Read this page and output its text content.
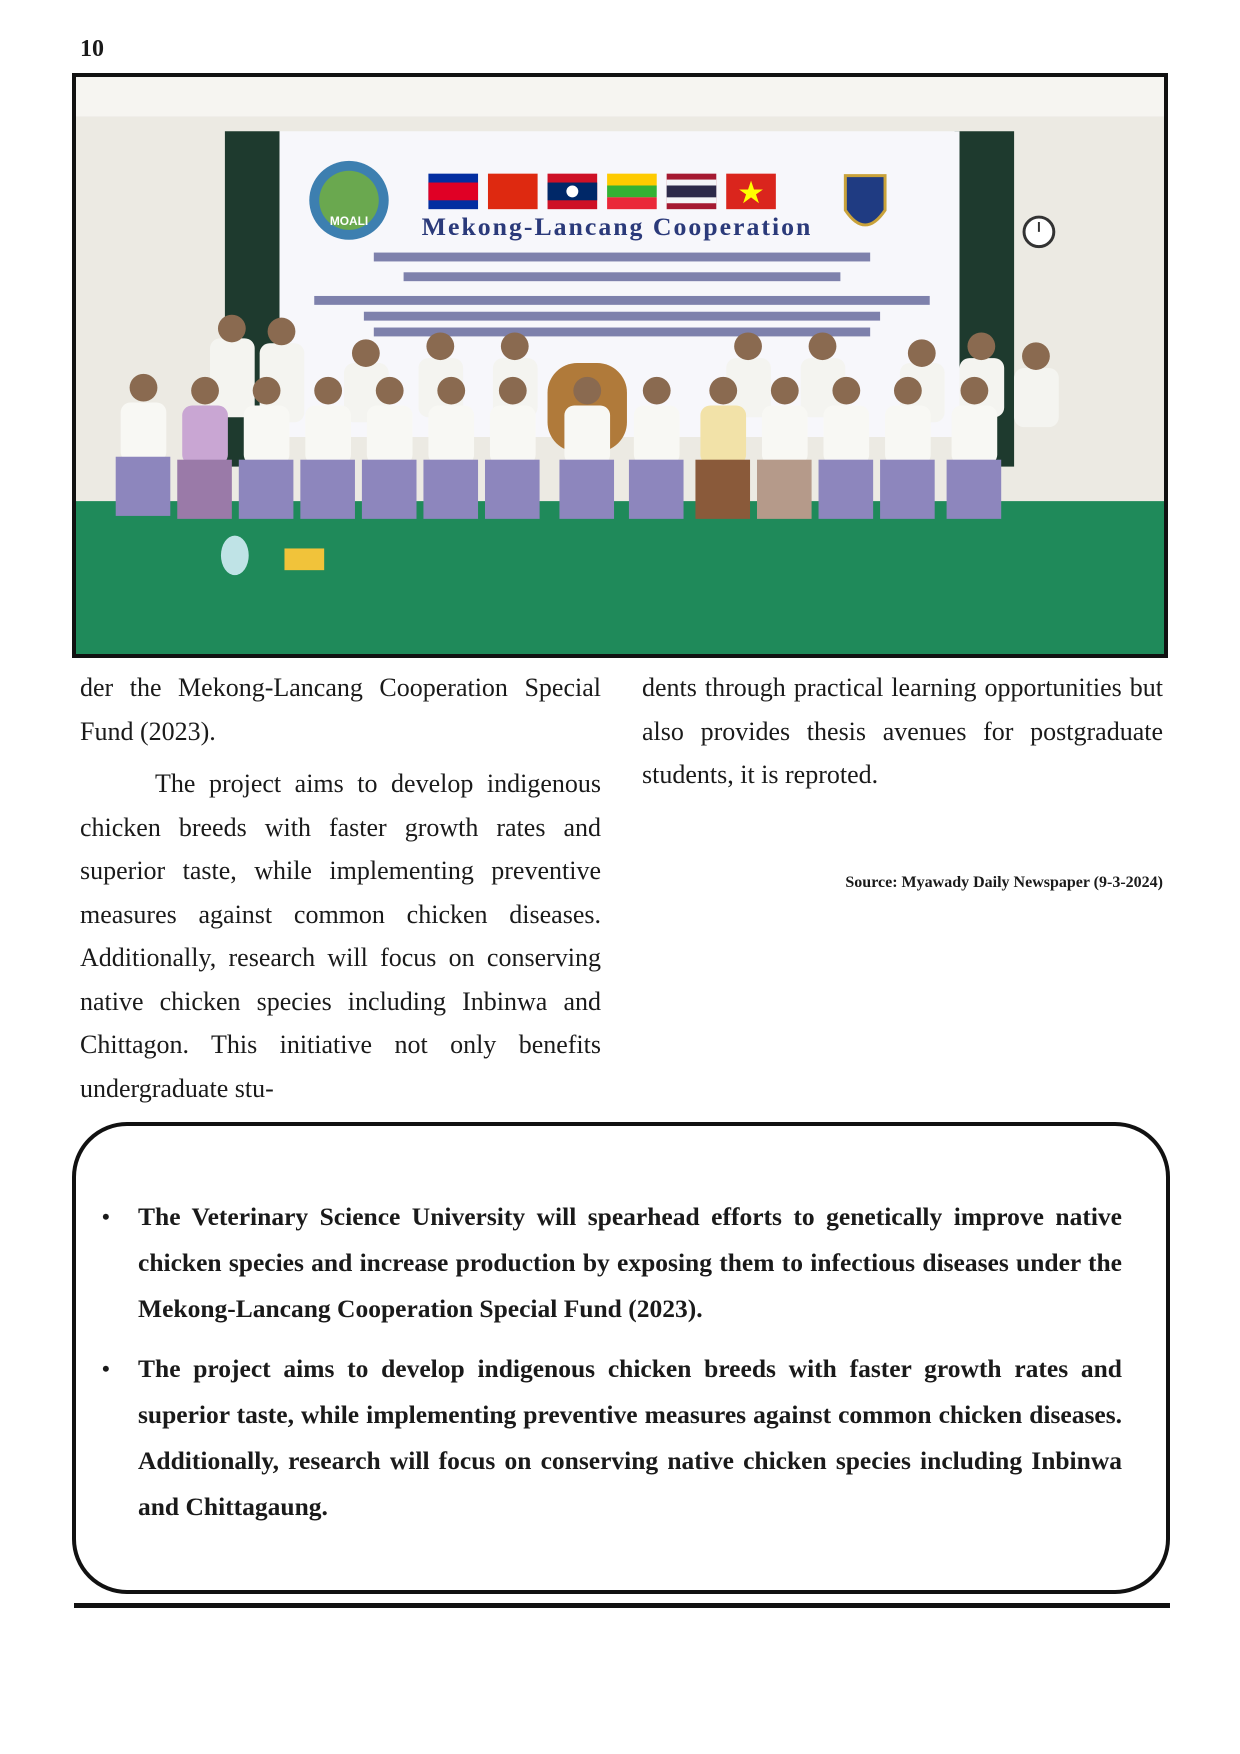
10
MOALI Mekong-Lancang Cooperation

der the Mekong-Lancang Cooperation Special Fund (2023).

The project aims to develop indigenous chicken breeds with faster growth rates and superior taste, while implementing preventive measures against common chicken diseases. Additionally, research will focus on conserving native chicken species including Inbinwa and Chittagon. This initiative not only benefits undergraduate stu-

dents through practical learning opportunities but also provides thesis avenues for postgraduate students, it is reproted.

Source: Myawady Daily Newspaper (9-3-2024)
• The Veterinary Science University will spearhead efforts to genetically improve native chicken species and increase production by exposing them to infectious diseases under the Mekong-Lancang Cooperation Special Fund (2023).
• The project aims to develop indigenous chicken breeds with faster growth rates and superior taste, while implementing preventive measures against common chicken diseases. Additionally, research will focus on conserving native chicken species including Inbinwa and Chittagaung.
